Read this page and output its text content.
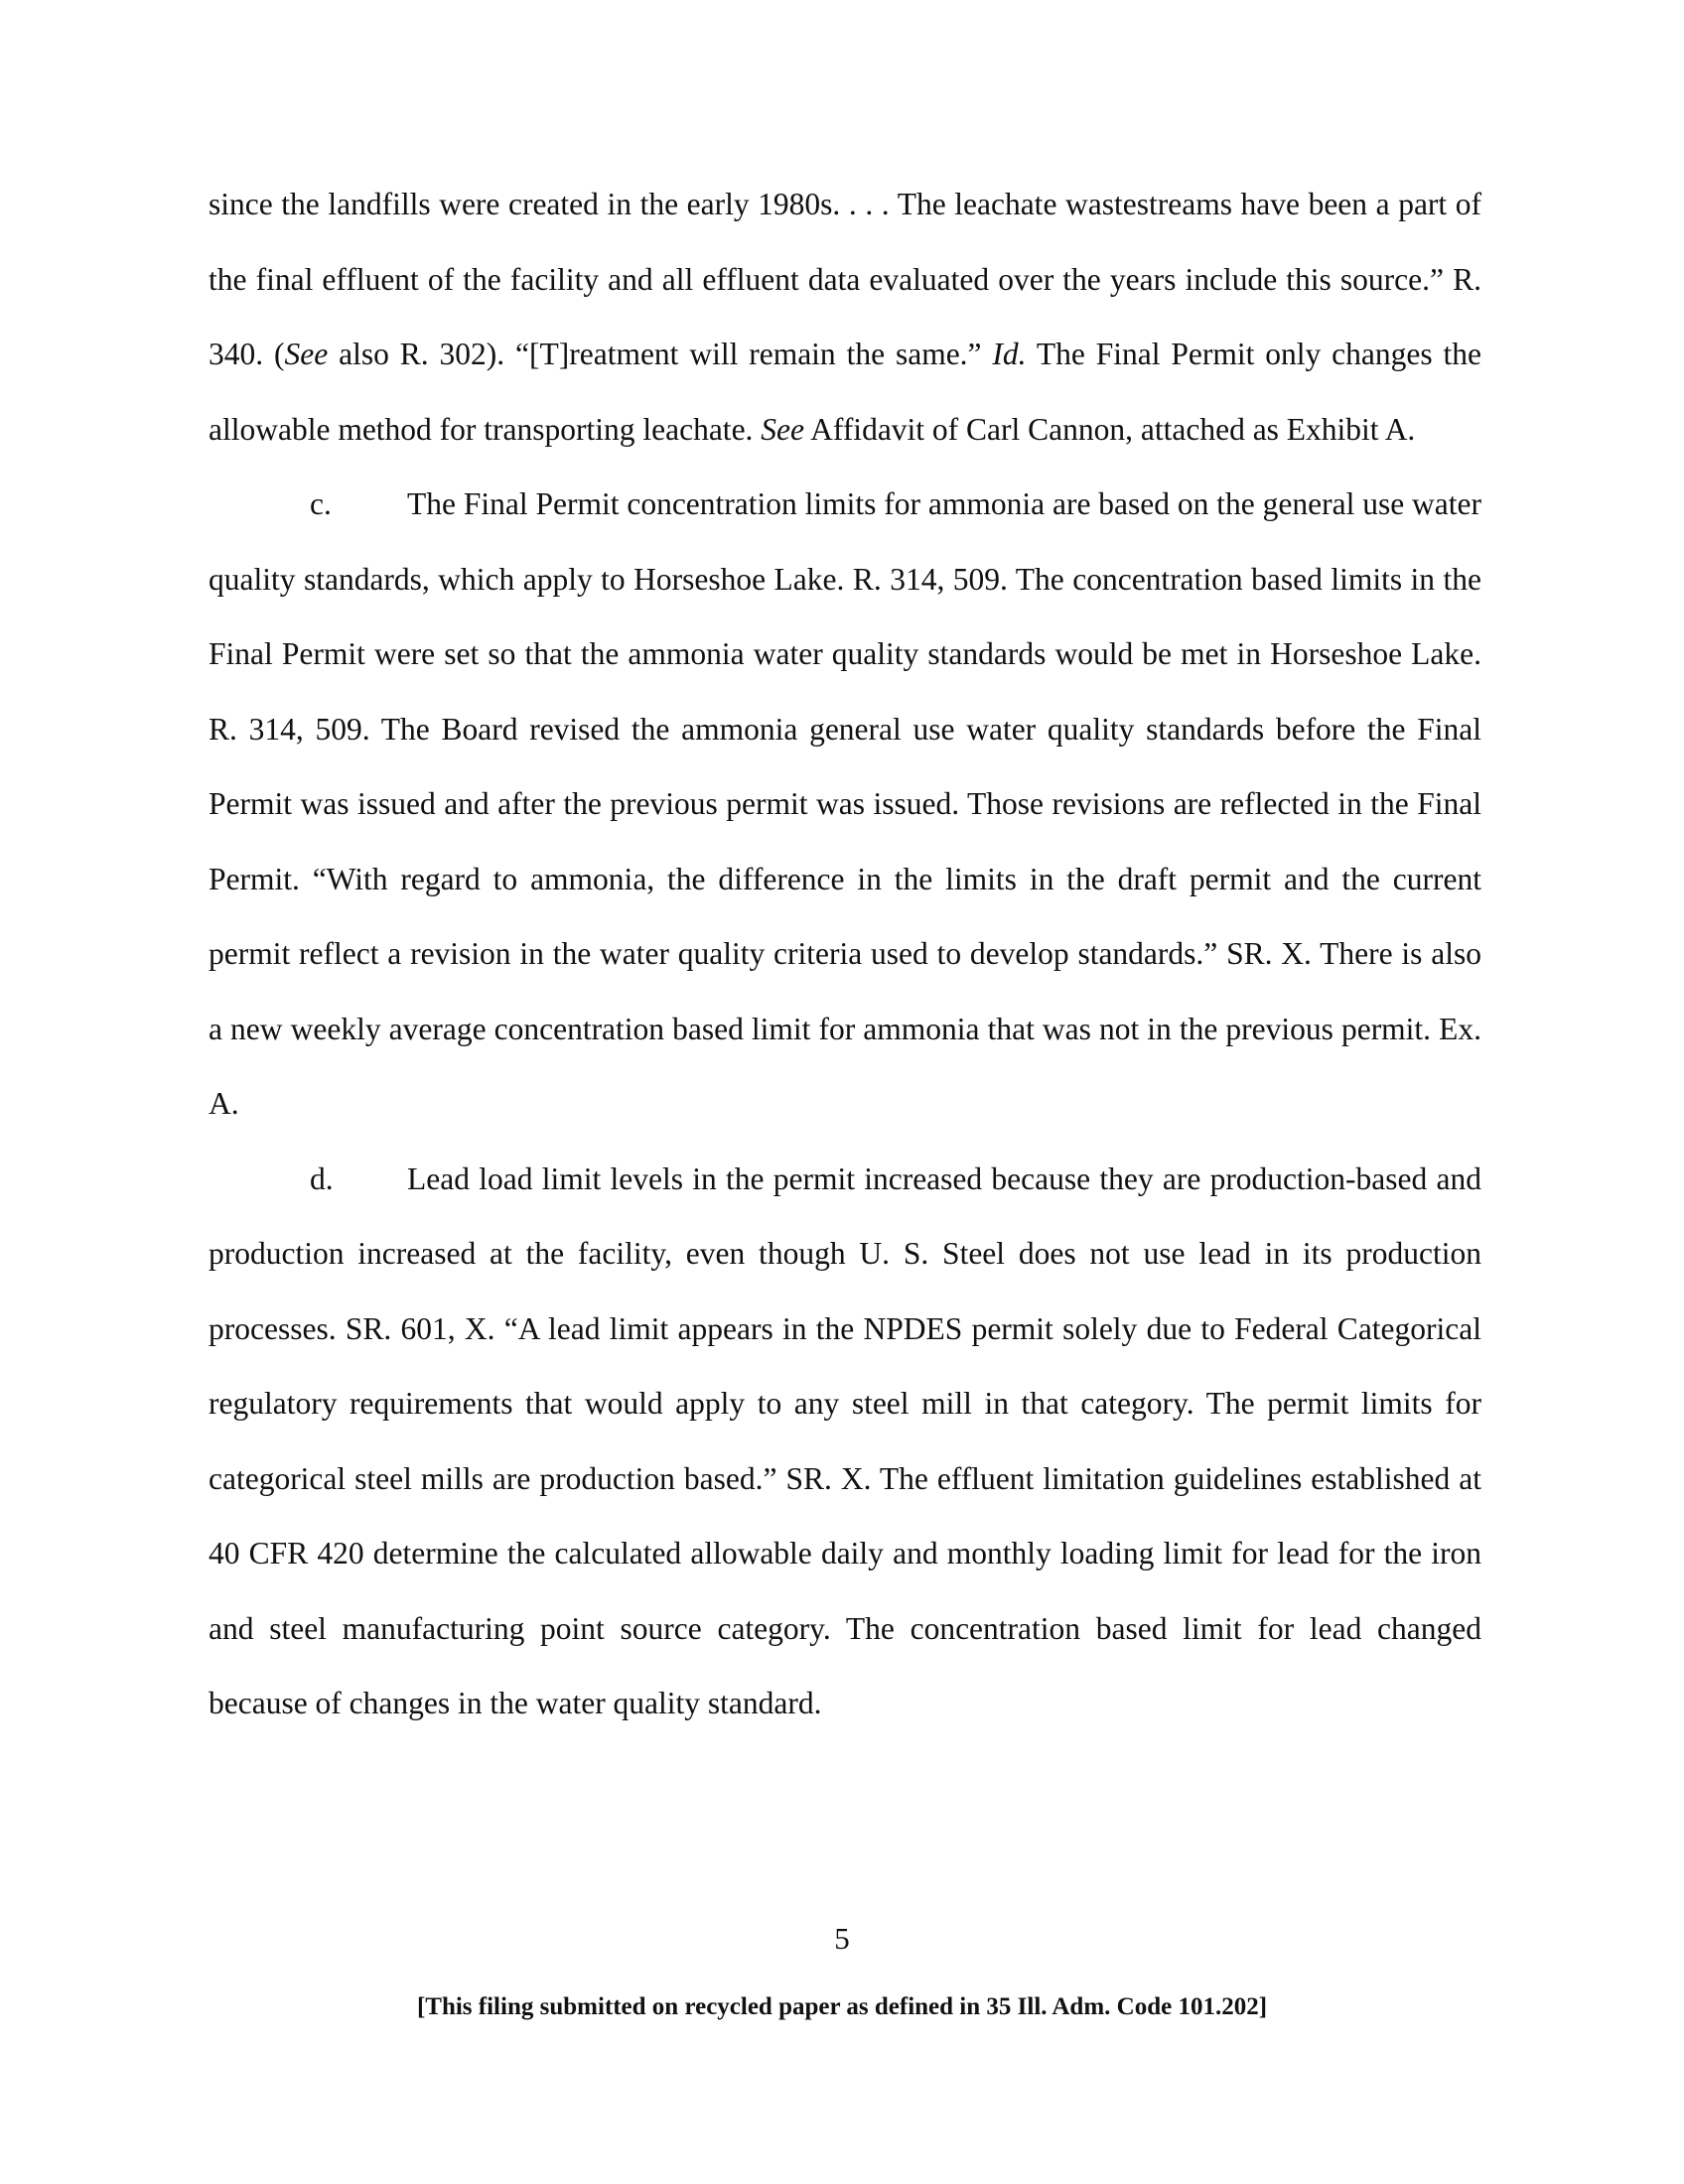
since the landfills were created in the early 1980s. . . . The leachate wastestreams have been a part of the final effluent of the facility and all effluent data evaluated over the years include this source.” R. 340. (See also R. 302). “[T]reatment will remain the same.” Id. The Final Permit only changes the allowable method for transporting leachate. See Affidavit of Carl Cannon, attached as Exhibit A.

c. The Final Permit concentration limits for ammonia are based on the general use water quality standards, which apply to Horseshoe Lake. R. 314, 509. The concentration based limits in the Final Permit were set so that the ammonia water quality standards would be met in Horseshoe Lake. R. 314, 509. The Board revised the ammonia general use water quality standards before the Final Permit was issued and after the previous permit was issued. Those revisions are reflected in the Final Permit. “With regard to ammonia, the difference in the limits in the draft permit and the current permit reflect a revision in the water quality criteria used to develop standards.” SR. X. There is also a new weekly average concentration based limit for ammonia that was not in the previous permit. Ex. A.

d. Lead load limit levels in the permit increased because they are production-based and production increased at the facility, even though U. S. Steel does not use lead in its production processes. SR. 601, X. “A lead limit appears in the NPDES permit solely due to Federal Categorical regulatory requirements that would apply to any steel mill in that category. The permit limits for categorical steel mills are production based.” SR. X. The effluent limitation guidelines established at 40 CFR 420 determine the calculated allowable daily and monthly loading limit for lead for the iron and steel manufacturing point source category. The concentration based limit for lead changed because of changes in the water quality standard.

5
[This filing submitted on recycled paper as defined in 35 Ill. Adm. Code 101.202]
